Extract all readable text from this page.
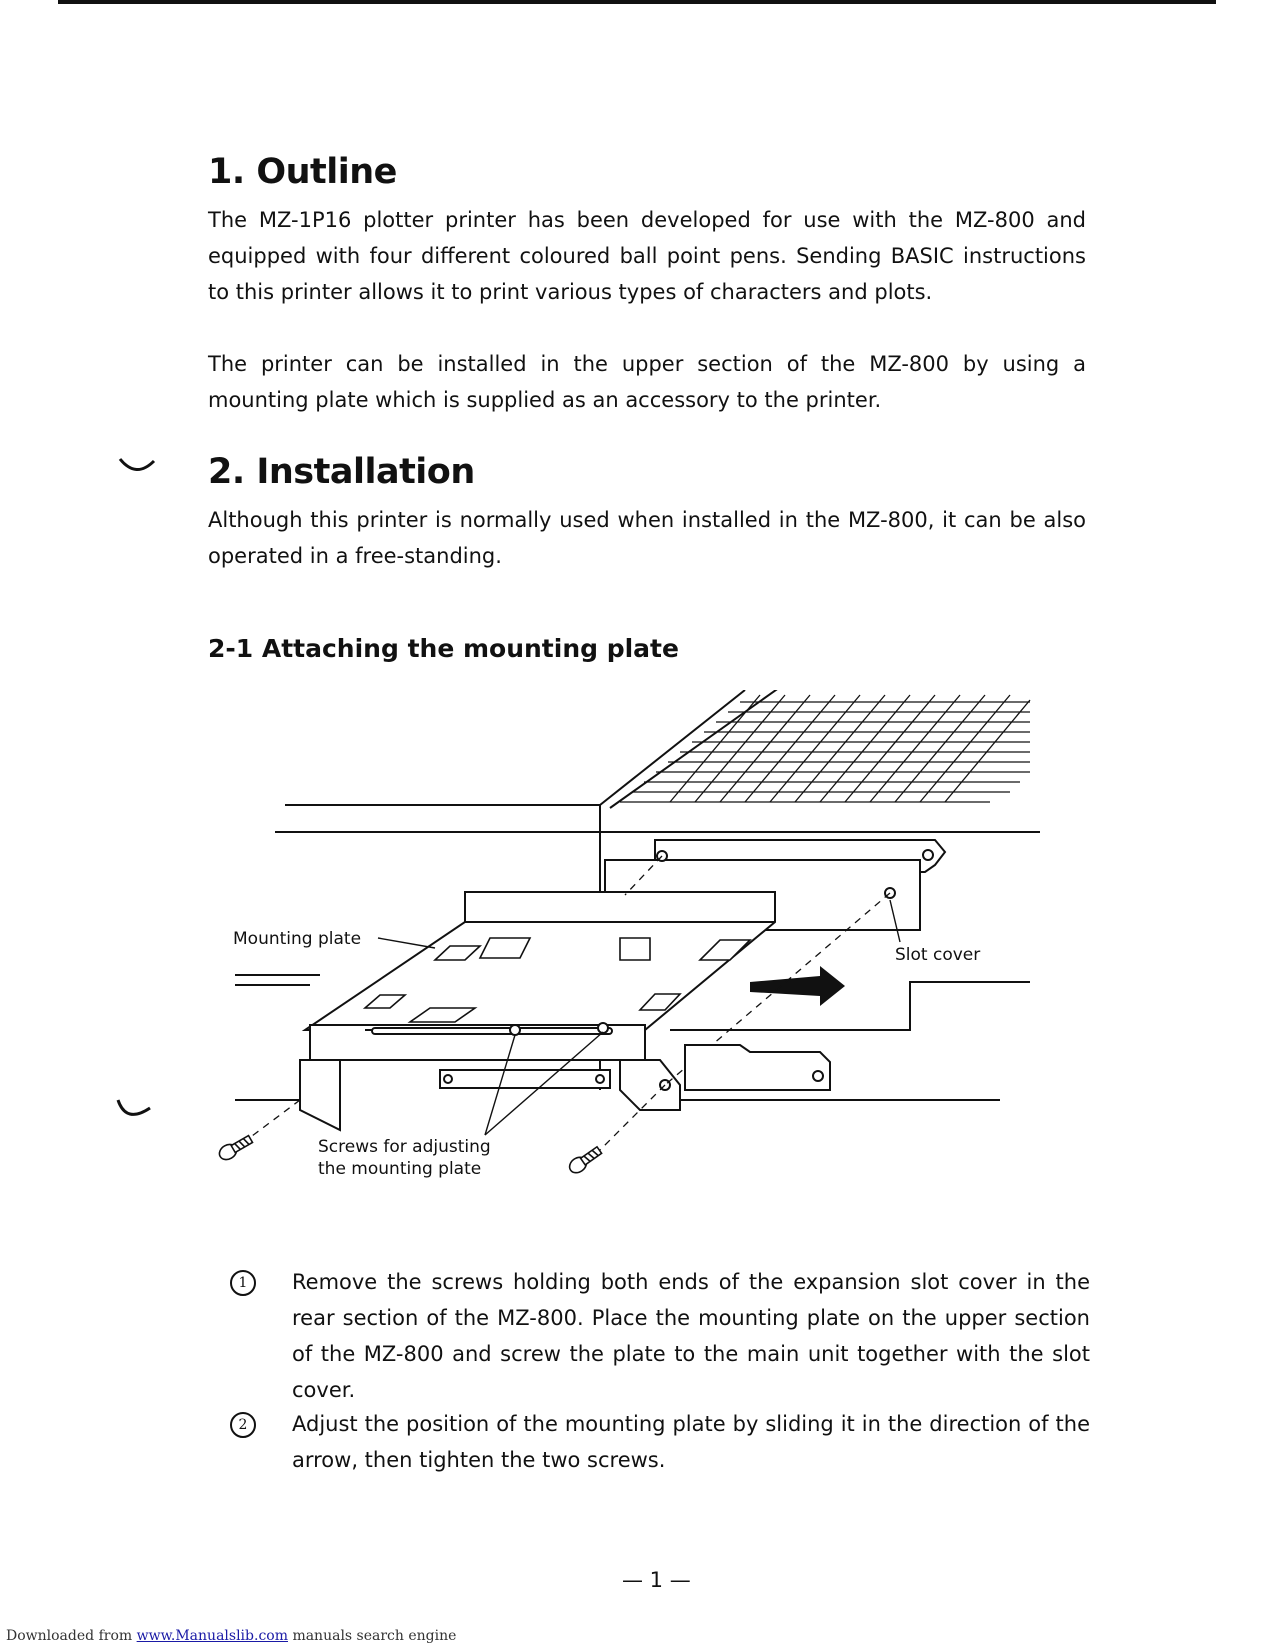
1. Outline

The MZ-1P16 plotter printer has been developed for use with the MZ-800 and equipped with four different coloured ball point pens. Sending BASIC instructions to this printer allows it to print various types of characters and plots.

The printer can be installed in the upper section of the MZ-800 by using a mounting plate which is supplied as an accessory to the printer.

2. Installation

Although this printer is normally used when installed in the MZ-800, it can be also operated in a free-standing.

2-1 Attaching the mounting plate
Mounting plate
Slot cover
Screws for adjusting
the mounting plate
1	Remove the screws holding both ends of the expansion slot cover in the rear section of the MZ-800. Place the mounting plate on the upper section of the MZ-800 and screw the plate to the main unit together with the slot cover.
2	Adjust the position of the mounting plate by sliding it in the direction of the arrow, then tighten the two screws.
— 1 —
Downloaded from www.Manualslib.com manuals search engine
